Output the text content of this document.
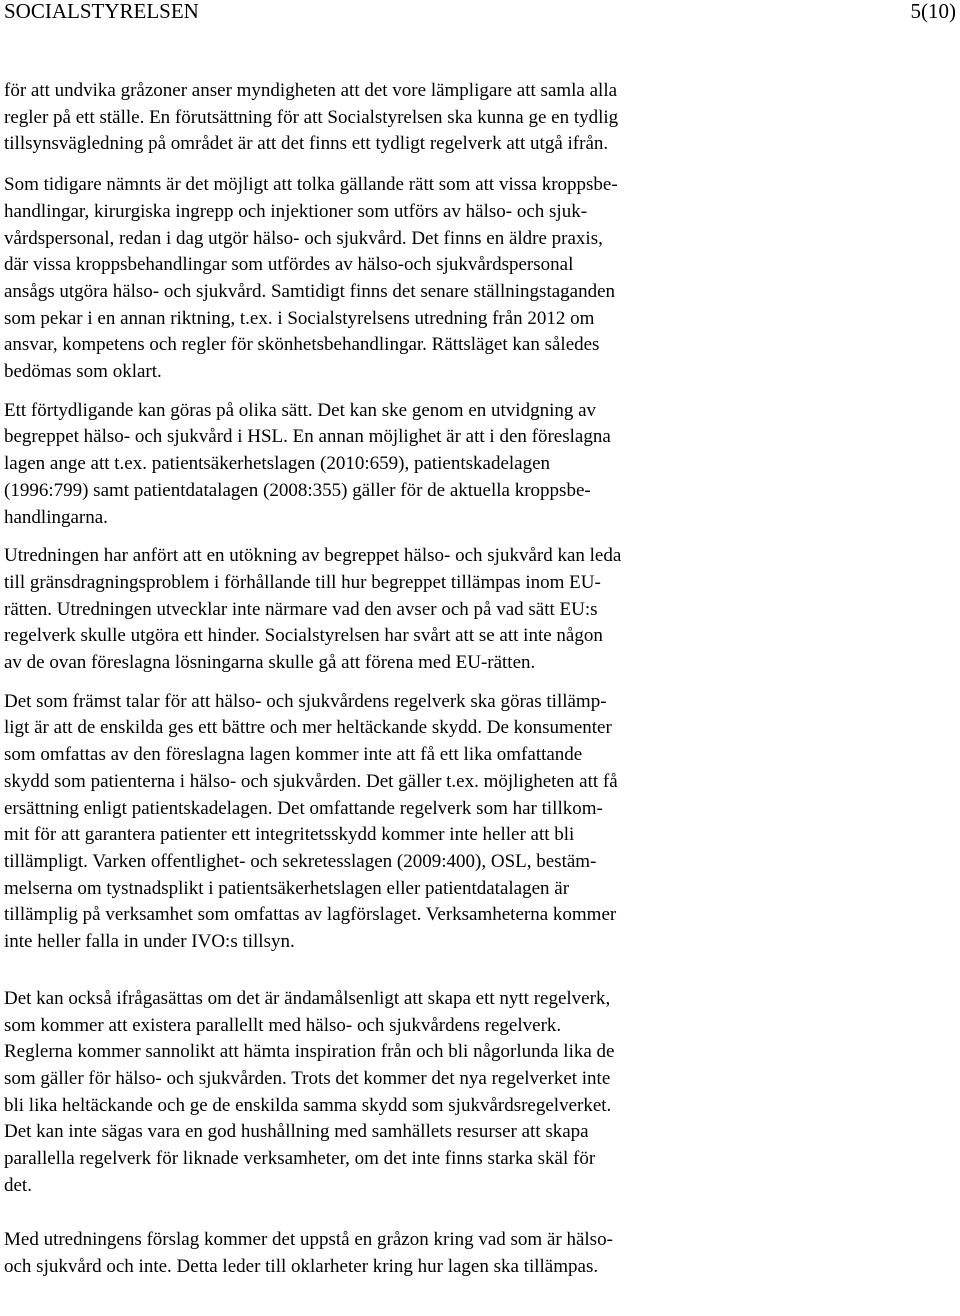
SOCIALSTYRELSEN	5(10)

för att undvika gråzoner anser myndigheten att det vore lämpligare att samla alla
regler på ett ställe. En förutsättning för att Socialstyrelsen ska kunna ge en tydlig
tillsynsvägledning på området är att det finns ett tydligt regelverk att utgå ifrån.

Som tidigare nämnts är det möjligt att tolka gällande rätt som att vissa kroppsbe-
handlingar, kirurgiska ingrepp och injektioner som utförs av hälso- och sjuk-
vårdspersonal, redan i dag utgör hälso- och sjukvård. Det finns en äldre praxis,
där vissa kroppsbehandlingar som utfördes av hälso-och sjukvårdspersonal
ansågs utgöra hälso- och sjukvård. Samtidigt finns det senare ställningstaganden
som pekar i en annan riktning, t.ex. i Socialstyrelsens utredning från 2012 om
ansvar, kompetens och regler för skönhetsbehandlingar. Rättsläget kan således
bedömas som oklart.

Ett förtydligande kan göras på olika sätt. Det kan ske genom en utvidgning av
begreppet hälso- och sjukvård i HSL. En annan möjlighet är att i den föreslagna
lagen ange att t.ex. patientsäkerhetslagen (2010:659), patientskadelagen
(1996:799) samt patientdatalagen (2008:355) gäller för de aktuella kroppsbe-
handlingarna.

Utredningen har anfört att en utökning av begreppet hälso- och sjukvård kan leda
till gränsdragningsproblem i förhållande till hur begreppet tillämpas inom EU-
rätten. Utredningen utvecklar inte närmare vad den avser och på vad sätt EU:s
regelverk skulle utgöra ett hinder. Socialstyrelsen har svårt att se att inte någon
av de ovan föreslagna lösningarna skulle gå att förena med EU-rätten.

Det som främst talar för att hälso- och sjukvårdens regelverk ska göras tillämp-
ligt är att de enskilda ges ett bättre och mer heltäckande skydd. De konsumenter
som omfattas av den föreslagna lagen kommer inte att få ett lika omfattande
skydd som patienterna i hälso- och sjukvården. Det gäller t.ex. möjligheten att få
ersättning enligt patientskadelagen. Det omfattande regelverk som har tillkom-
mit för att garantera patienter ett integritetsskydd kommer inte heller att bli
tillämpligt. Varken offentlighet- och sekretesslagen (2009:400), OSL, bestäm-
melserna om tystnadsplikt i patientsäkerhetslagen eller patientdatalagen är
tillämplig på verksamhet som omfattas av lagförslaget. Verksamheterna kommer
inte heller falla in under IVO:s tillsyn.

Det kan också ifrågasättas om det är ändamålsenligt att skapa ett nytt regelverk,
som kommer att existera parallellt med hälso- och sjukvårdens regelverk.
Reglerna kommer sannolikt att hämta inspiration från och bli någorlunda lika de
som gäller för hälso- och sjukvården. Trots det kommer det nya regelverket inte
bli lika heltäckande och ge de enskilda samma skydd som sjukvårdsregelverket.
Det kan inte sägas vara en god hushållning med samhällets resurser att skapa
parallella regelverk för liknade verksamheter, om det inte finns starka skäl för
det.

Med utredningens förslag kommer det uppstå en gråzon kring vad som är hälso-
och sjukvård och inte. Detta leder till oklarheter kring hur lagen ska tillämpas.
